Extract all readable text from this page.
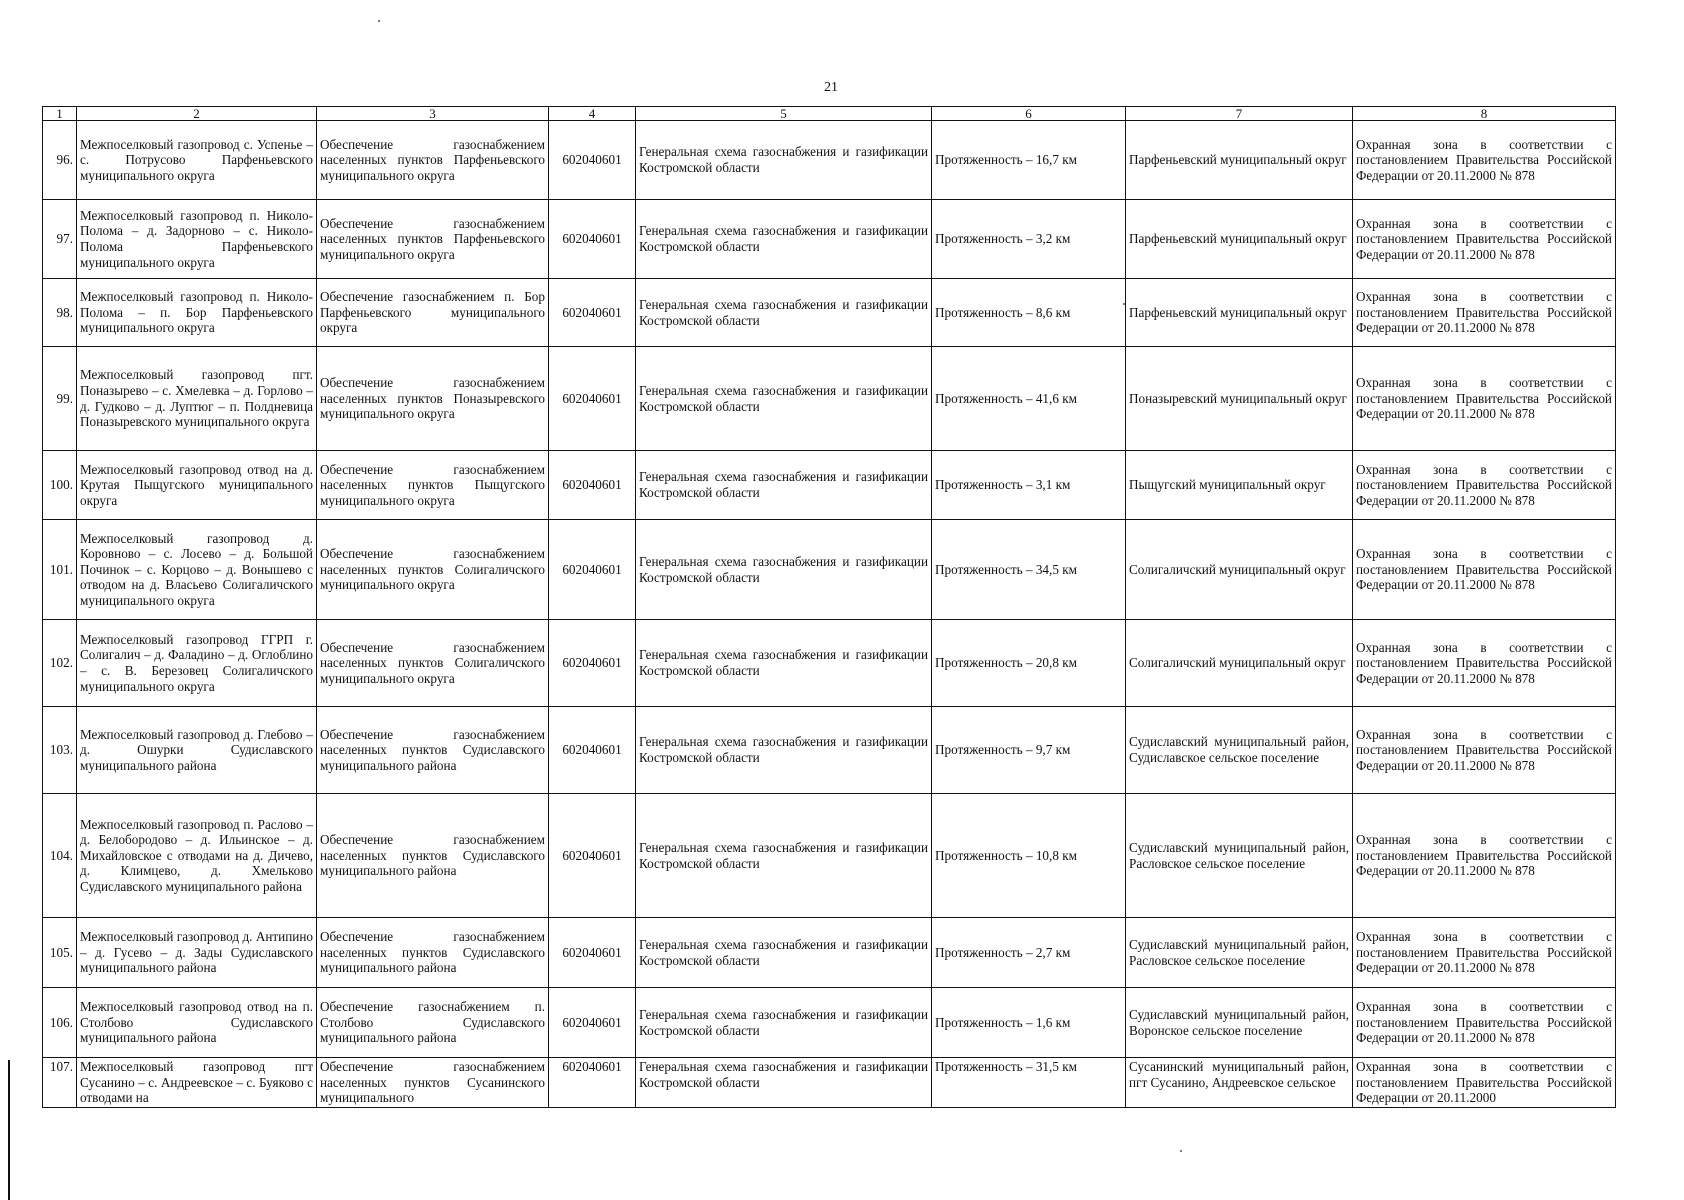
21
1	2	3	4	5	6	7	8
96.	Межпоселковый газопровод с. Успенье – с. Потрусово Парфеньевского муниципального округа	Обеспечение газоснабжением населенных пунктов Парфеньевского муниципального округа	602040601	Генеральная схема газоснабжения и газификации Костромской области	Протяженность – 16,7 км	Парфеньевский муниципальный округ	Охранная зона в соответствии с постановлением Правительства Российской Федерации от 20.11.2000 № 878
97.	Межпоселковый газопровод п. Николо-Полома – д. Задорново – с. Николо-Полома Парфеньевского муниципального округа	Обеспечение газоснабжением населенных пунктов Парфеньевского муниципального округа	602040601	Генеральная схема газоснабжения и газификации Костромской области	Протяженность – 3,2 км	Парфеньевский муниципальный округ	Охранная зона в соответствии с постановлением Правительства Российской Федерации от 20.11.2000 № 878
98.	Межпоселковый газопровод п. Николо-Полома – п. Бор Парфеньевского муниципального округа	Обеспечение газоснабжением п. Бор Парфеньевского муниципального округа	602040601	Генеральная схема газоснабжения и газификации Костромской области	Протяженность – 8,6 км	Парфеньевский муниципальный округ	Охранная зона в соответствии с постановлением Правительства Российской Федерации от 20.11.2000 № 878
99.	Межпоселковый газопровод пгт. Поназырево – с. Хмелевка – д. Горлово – д. Гудково – д. Луптюг – п. Полдневица Поназыревского муниципального округа	Обеспечение газоснабжением населенных пунктов Поназыревского муниципального округа	602040601	Генеральная схема газоснабжения и газификации Костромской области	Протяженность – 41,6 км	Поназыревский муниципальный округ	Охранная зона в соответствии с постановлением Правительства Российской Федерации от 20.11.2000 № 878
100.	Межпоселковый газопровод отвод на д. Крутая Пыщугского муниципального округа	Обеспечение газоснабжением населенных пунктов Пыщугского муниципального округа	602040601	Генеральная схема газоснабжения и газификации Костромской области	Протяженность – 3,1 км	Пыщугский муниципальный округ	Охранная зона в соответствии с постановлением Правительства Российской Федерации от 20.11.2000 № 878
101.	Межпоселковый газопровод д. Коровново – с. Лосево – д. Большой Починок – с. Корцово – д. Вонышево с отводом на д. Власьево Солигаличского муниципального округа	Обеспечение газоснабжением населенных пунктов Солигаличского муниципального округа	602040601	Генеральная схема газоснабжения и газификации Костромской области	Протяженность – 34,5 км	Солигаличский муниципальный округ	Охранная зона в соответствии с постановлением Правительства Российской Федерации от 20.11.2000 № 878
102.	Межпоселковый газопровод ГГРП г. Солигалич – д. Фаладино – д. Оглоблино – с. В. Березовец Солигаличского муниципального округа	Обеспечение газоснабжением населенных пунктов Солигаличского муниципального округа	602040601	Генеральная схема газоснабжения и газификации Костромской области	Протяженность – 20,8 км	Солигаличский муниципальный округ	Охранная зона в соответствии с постановлением Правительства Российской Федерации от 20.11.2000 № 878
103.	Межпоселковый газопровод д. Глебово – д. Ошурки Судиславского муниципального района	Обеспечение газоснабжением населенных пунктов Судиславского муниципального района	602040601	Генеральная схема газоснабжения и газификации Костромской области	Протяженность – 9,7 км	Судиславский муниципальный район, Судиславское сельское поселение	Охранная зона в соответствии с постановлением Правительства Российской Федерации от 20.11.2000 № 878
104.	Межпоселковый газопровод п. Раслово – д. Белобородово – д. Ильинское – д. Михайловское с отводами на д. Дичево, д. Климцево, д. Хмельково Судиславского муниципального района	Обеспечение газоснабжением населенных пунктов Судиславского муниципального района	602040601	Генеральная схема газоснабжения и газификации Костромской области	Протяженность – 10,8 км	Судиславский муниципальный район, Расловское сельское поселение	Охранная зона в соответствии с постановлением Правительства Российской Федерации от 20.11.2000 № 878
105.	Межпоселковый газопровод д. Антипино – д. Гусево – д. Зады Судиславского муниципального района	Обеспечение газоснабжением населенных пунктов Судиславского муниципального района	602040601	Генеральная схема газоснабжения и газификации Костромской области	Протяженность – 2,7 км	Судиславский муниципальный район, Расловское сельское поселение	Охранная зона в соответствии с постановлением Правительства Российской Федерации от 20.11.2000 № 878
106.	Межпоселковый газопровод отвод на п. Столбово Судиславского муниципального района	Обеспечение газоснабжением п. Столбово Судиславского муниципального района	602040601	Генеральная схема газоснабжения и газификации Костромской области	Протяженность – 1,6 км	Судиславский муниципальный район, Воронское сельское поселение	Охранная зона в соответствии с постановлением Правительства Российской Федерации от 20.11.2000 № 878
107.	Межпоселковый газопровод пгт Сусанино – с. Андреевское – с. Буяково с отводами на	Обеспечение газоснабжением населенных пунктов Сусанинского муниципального	602040601	Генеральная схема газоснабжения и газификации Костромской области	Протяженность – 31,5 км	Сусанинский муниципальный район, пгт Сусанино, Андреевское сельское	Охранная зона в соответствии с постановлением Правительства Российской Федерации от 20.11.2000
